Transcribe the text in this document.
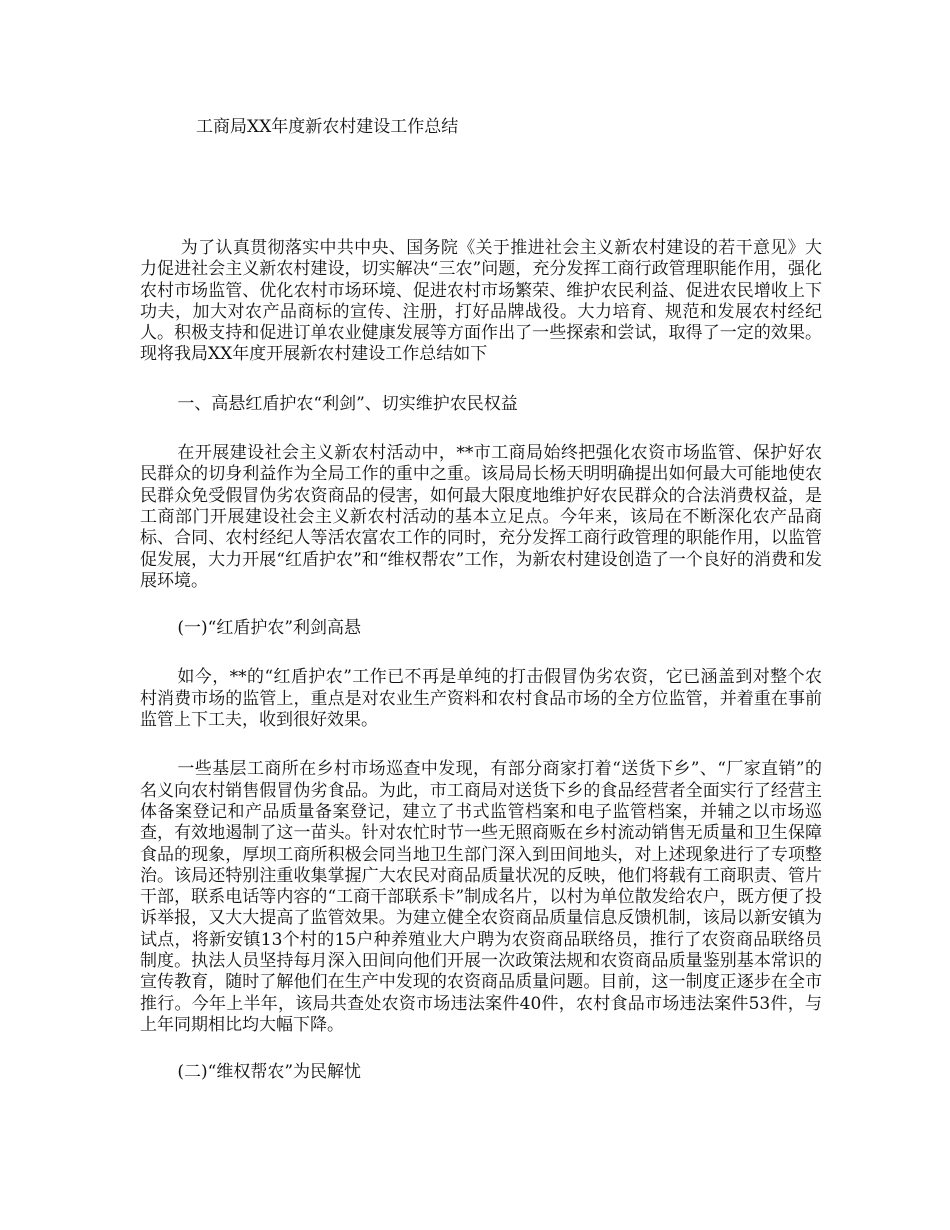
工商局XX年度新农村建设工作总结

为了认真贯彻落实中共中央、国务院《关于推进社会主义新农村建设的若干意见》大力促进社会主义新农村建设，切实解决“三农”问题，充分发挥工商行政管理职能作用，强化农村市场监管、优化农村市场环境、促进农村市场繁荣、维护农民利益、促进农民增收上下功夫，加大对农产品商标的宣传、注册，打好品牌战役。大力培育、规范和发展农村经纪人。积极支持和促进订单农业健康发展等方面作出了一些探索和尝试，取得了一定的效果。现将我局XX年度开展新农村建设工作总结如下

一、高悬红盾护农“利剑”、切实维护农民权益

在开展建设社会主义新农村活动中，**市工商局始终把强化农资市场监管、保护好农民群众的切身利益作为全局工作的重中之重。该局局长杨天明明确提出如何最大可能地使农民群众免受假冒伪劣农资商品的侵害，如何最大限度地维护好农民群众的合法消费权益，是工商部门开展建设社会主义新农村活动的基本立足点。今年来，该局在不断深化农产品商标、合同、农村经纪人等活农富农工作的同时，充分发挥工商行政管理的职能作用，以监管促发展，大力开展“红盾护农”和“维权帮农”工作，为新农村建设创造了一个良好的消费和发展环境。

(一)“红盾护农”利剑高悬

如今，**的“红盾护农”工作已不再是单纯的打击假冒伪劣农资，它已涵盖到对整个农村消费市场的监管上，重点是对农业生产资料和农村食品市场的全方位监管，并着重在事前监管上下工夫，收到很好效果。

一些基层工商所在乡村市场巡查中发现，有部分商家打着“送货下乡”、“厂家直销”的名义向农村销售假冒伪劣食品。为此，市工商局对送货下乡的食品经营者全面实行了经营主体备案登记和产品质量备案登记，建立了书式监管档案和电子监管档案，并辅之以市场巡查，有效地遏制了这一苗头。针对农忙时节一些无照商贩在乡村流动销售无质量和卫生保障食品的现象，厚坝工商所积极会同当地卫生部门深入到田间地头，对上述现象进行了专项整治。该局还特别注重收集掌握广大农民对商品质量状况的反映，他们将载有工商职责、管片干部，联系电话等内容的“工商干部联系卡”制成名片，以村为单位散发给农户，既方便了投诉举报，又大大提高了监管效果。为建立健全农资商品质量信息反馈机制，该局以新安镇为试点，将新安镇13个村的15户种养殖业大户聘为农资商品联络员，推行了农资商品联络员制度。执法人员坚持每月深入田间向他们开展一次政策法规和农资商品质量鉴别基本常识的宣传教育，随时了解他们在生产中发现的农资商品质量问题。目前，这一制度正逐步在全市推行。今年上半年，该局共查处农资市场违法案件40件，农村食品市场违法案件53件，与上年同期相比均大幅下降。

(二)“维权帮农”为民解忧
